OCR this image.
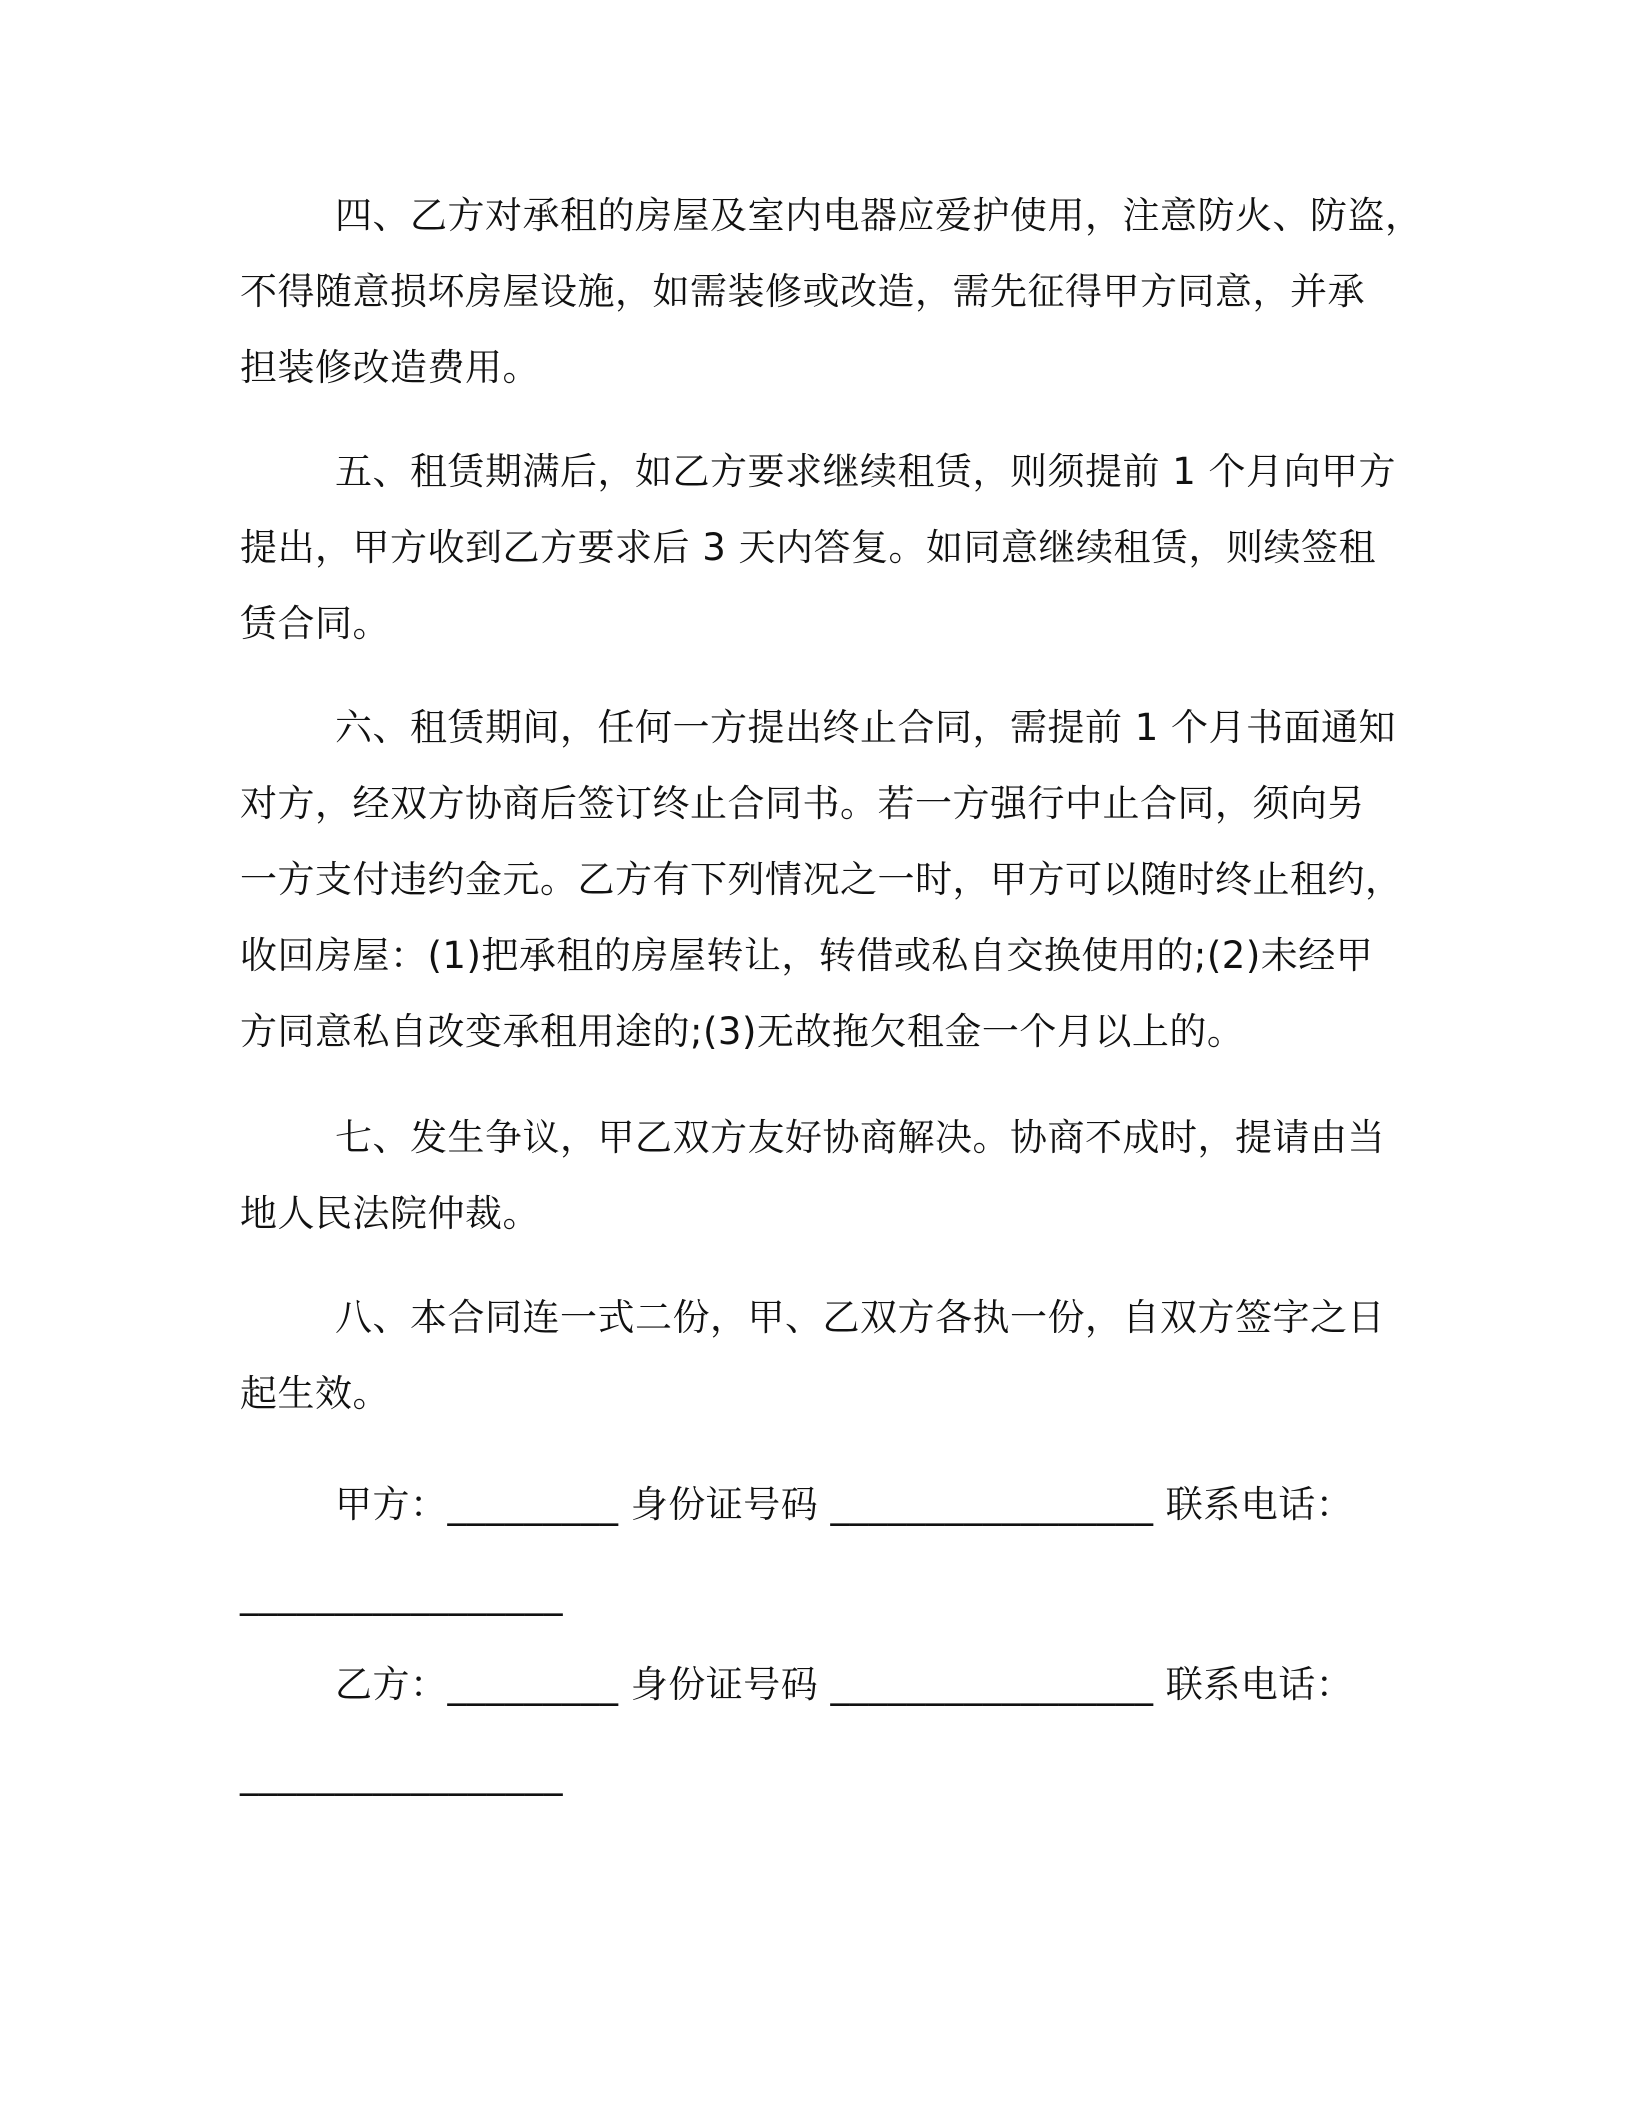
四、乙方对承租的房屋及室内电器应爱护使用，注意防火、防盗，
不得随意损坏房屋设施，如需装修或改造，需先征得甲方同意，并承
担装修改造费用。

五、租赁期满后，如乙方要求继续租赁，则须提前 1 个月向甲方
提出，甲方收到乙方要求后 3 天内答复。如同意继续租赁，则续签租
赁合同。

六、租赁期间，任何一方提出终止合同，需提前 1 个月书面通知
对方，经双方协商后签订终止合同书。若一方强行中止合同，须向另
一方支付违约金元。乙方有下列情况之一时，甲方可以随时终止租约，
收回房屋：(1)把承租的房屋转让，转借或私自交换使用的;(2)未经甲
方同意私自改变承租用途的;(3)无故拖欠租金一个月以上的。

七、发生争议，甲乙双方友好协商解决。协商不成时，提请由当
地人民法院仲裁。

八、本合同连一式二份，甲、乙双方各执一份，自双方签字之日
起生效。

甲方：_________ 身份证号码 _________________ 联系电话：
_________________

乙方：_________ 身份证号码 _________________ 联系电话：
_________________
